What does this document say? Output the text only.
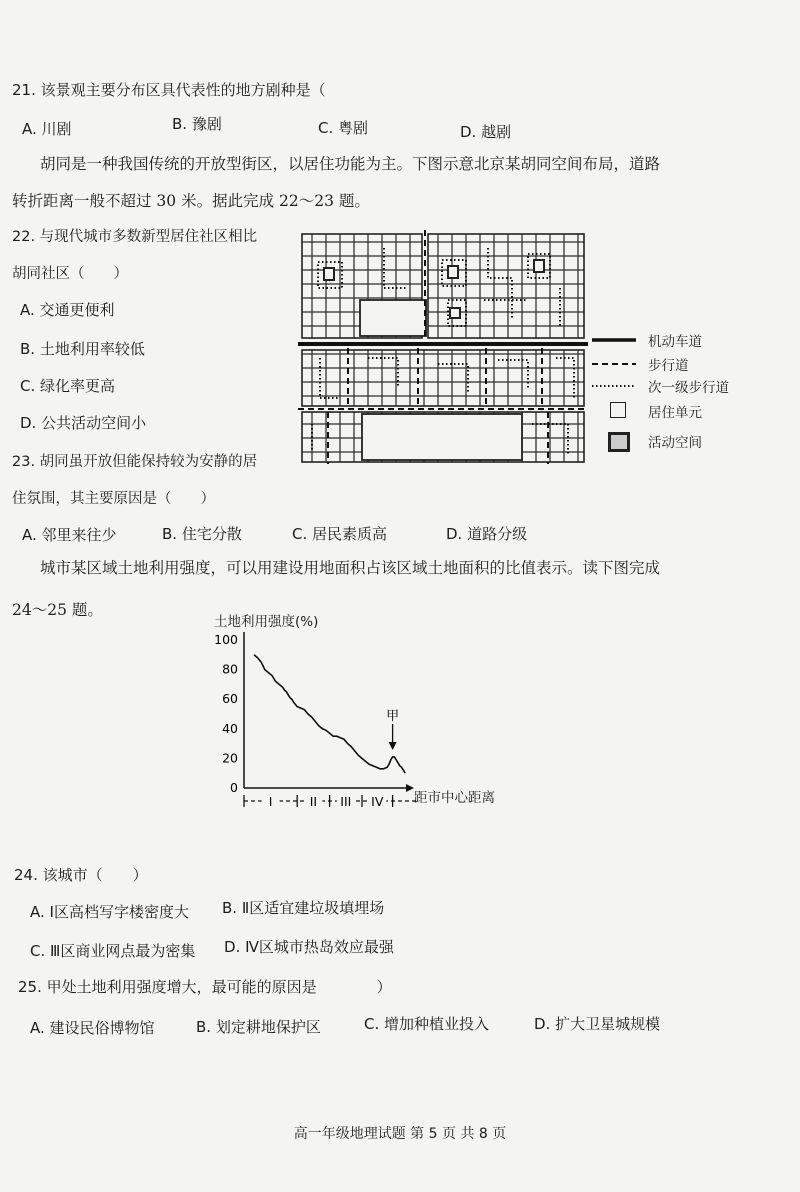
21. 该景观主要分布区具代表性的地方剧种是（
A. 川剧	B. 豫剧	C. 粤剧	D. 越剧
胡同是一种我国传统的开放型街区，以居住功能为主。下图示意北京某胡同空间布局，道路
转折距离一般不超过 30 米。据此完成 22～23 题。
22. 与现代城市多数新型居住社区相比
胡同社区（　　）
A. 交通更便利
B. 土地利用率较低
C. 绿化率更高
D. 公共活动空间小
23. 胡同虽开放但能保持较为安静的居
住氛围，其主要原因是（　　）
A. 邻里来往少	B. 住宅分散	C. 居民素质高	D. 道路分级
机动车道
步行道
次一级步行道
居住单元
活动空间
城市某区域土地利用强度，可以用建设用地面积占该区域土地面积的比值表示。读下图完成
24～25 题。
土地利用强度(%)
0
20
40
60
80
100
距市中心距离
I	II III IV
甲
24. 该城市（　　）
A. Ⅰ区高档写字楼密度大 B. Ⅱ区适宜建垃圾填埋场
C. Ⅲ区商业网点最为密集 D. Ⅳ区城市热岛效应最强
25. 甲处土地利用强度增大，最可能的原因是　　　　）
A. 建设民俗博物馆	B. 划定耕地保护区	C. 增加种植业投入	D. 扩大卫星城规模
高一年级地理试题 第 5 页 共 8 页
